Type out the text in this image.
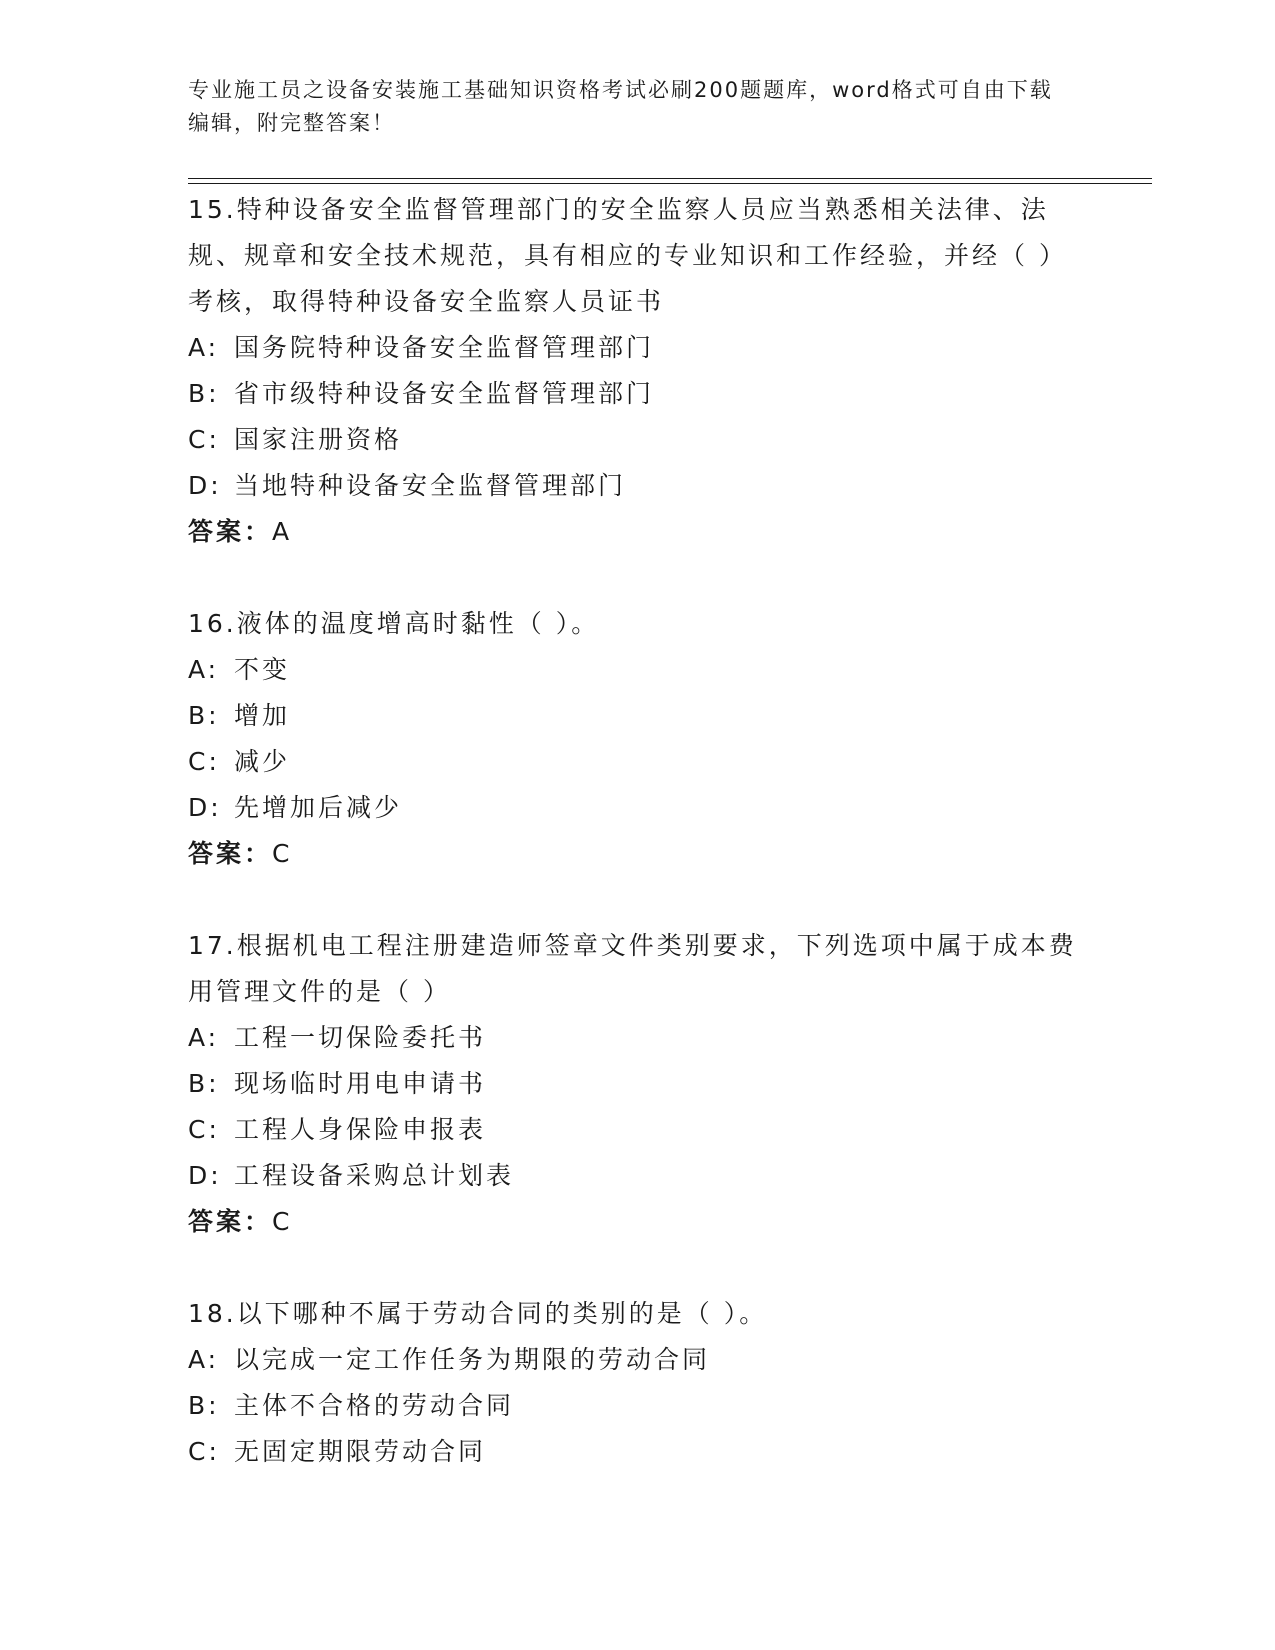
专业施工员之设备安装施工基础知识资格考试必刷200题题库，word格式可自由下载编辑，附完整答案！
15.特种设备安全监督管理部门的安全监察人员应当熟悉相关法律、法规、规章和安全技术规范，具有相应的专业知识和工作经验，并经（ ）考核，取得特种设备安全监察人员证书
A: 国务院特种设备安全监督管理部门
B: 省市级特种设备安全监督管理部门
C: 国家注册资格
D: 当地特种设备安全监督管理部门
答案：A
16.液体的温度增高时黏性（ ）。
A: 不变
B: 增加
C: 减少
D: 先增加后减少
答案：C
17.根据机电工程注册建造师签章文件类别要求，下列选项中属于成本费用管理文件的是（ ）
A: 工程一切保险委托书
B: 现场临时用电申请书
C: 工程人身保险申报表
D: 工程设备采购总计划表
答案：C
18.以下哪种不属于劳动合同的类别的是（ ）。
A: 以完成一定工作任务为期限的劳动合同
B: 主体不合格的劳动合同
C: 无固定期限劳动合同
